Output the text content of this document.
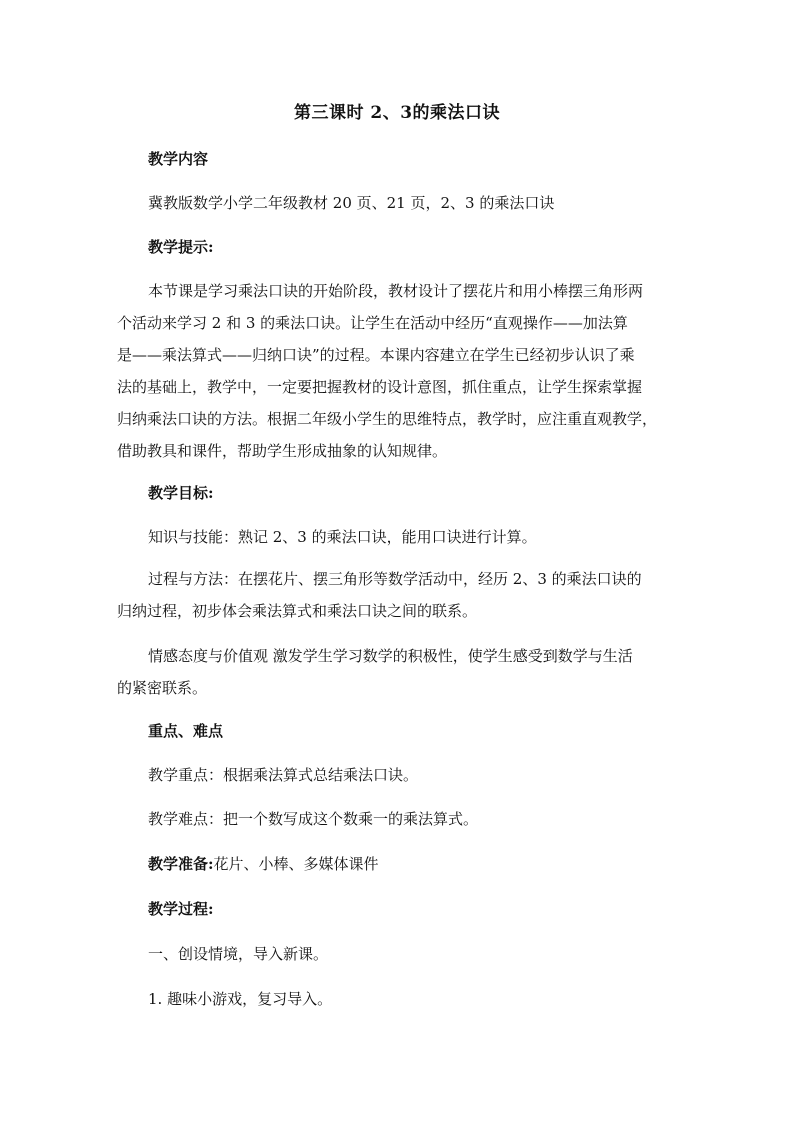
第三课时 2、3的乘法口诀
教学内容
冀教版数学小学二年级教材 20 页、21 页，2、3 的乘法口诀
教学提示:
本节课是学习乘法口诀的开始阶段，教材设计了摆花片和用小棒摆三角形两
个活动来学习 2 和 3 的乘法口诀。让学生在活动中经历“直观操作——加法算
是——乘法算式——归纳口诀”的过程。本课内容建立在学生已经初步认识了乘
法的基础上，教学中，一定要把握教材的设计意图，抓住重点，让学生探索掌握
归纳乘法口诀的方法。根据二年级小学生的思维特点，教学时，应注重直观教学，
借助教具和课件，帮助学生形成抽象的认知规律。
教学目标:
知识与技能：熟记 2、3 的乘法口诀，能用口诀进行计算。
过程与方法：在摆花片、摆三角形等数学活动中，经历 2、3 的乘法口诀的
归纳过程，初步体会乘法算式和乘法口诀之间的联系。
情感态度与价值观 激发学生学习数学的积极性，使学生感受到数学与生活
的紧密联系。
重点、难点
教学重点：根据乘法算式总结乘法口诀。
教学难点：把一个数写成这个数乘一的乘法算式。
教学准备:花片、小棒、多媒体课件
教学过程:
一、创设情境，导入新课。
1. 趣味小游戏，复习导入。
